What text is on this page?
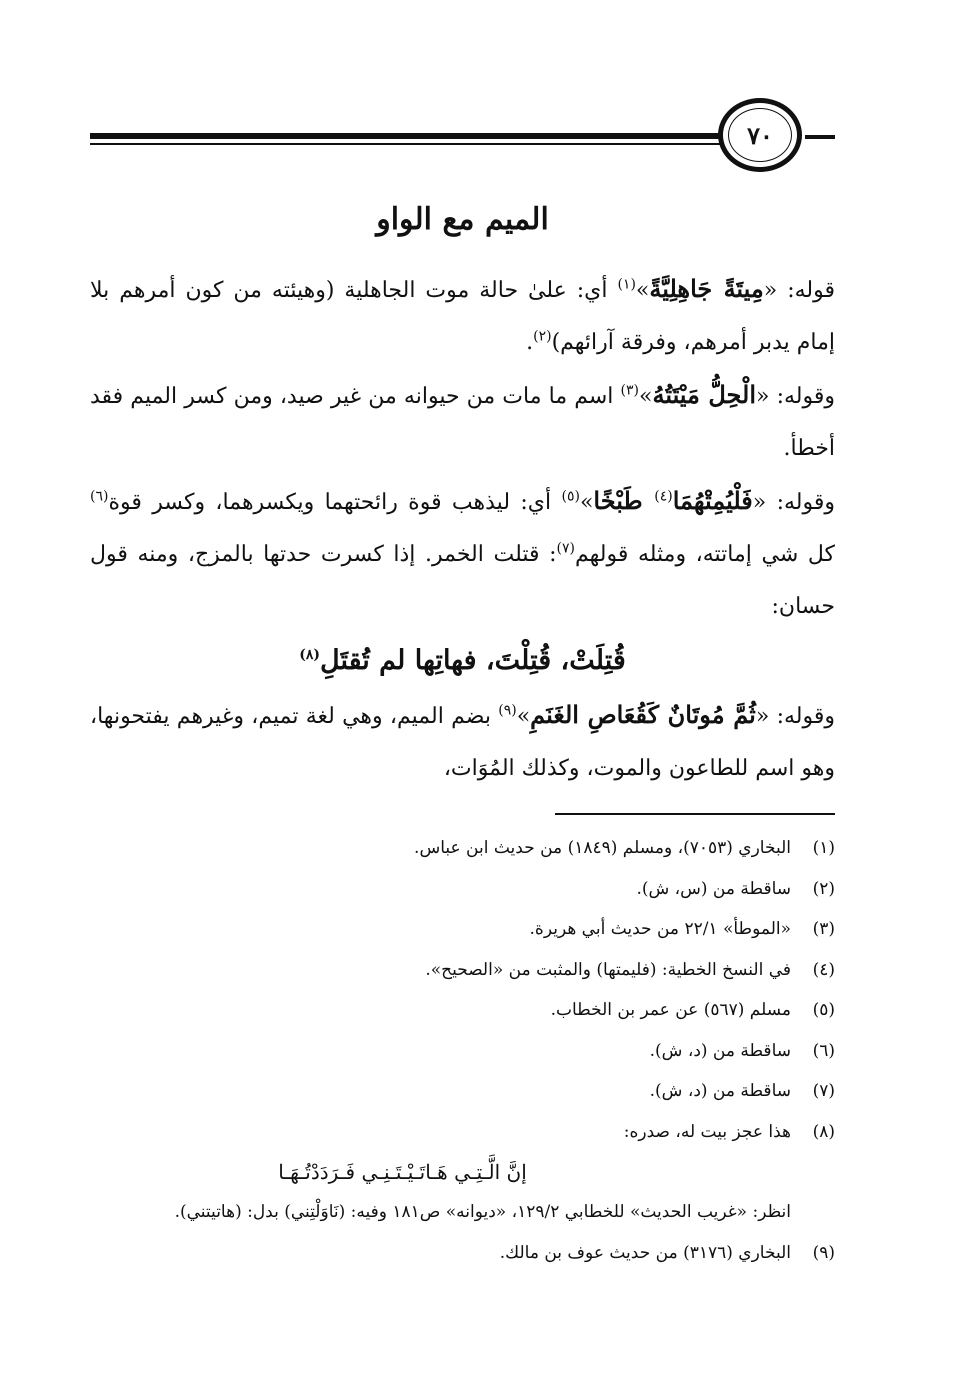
٧٠
الميم مع الواو

قوله: «مِيتَةً جَاهِلِيَّةً»$^{(١)}$ أي: علىٰ حالة موت الجاهلية (وهيئته من كون أمرهم بلا إمام يدبر أمرهم، وفرقة آرائهم)$^{(٢)}$.

وقوله: «الْحِلُّ مَيْتَتُهُ»$^{(٣)}$ اسم ما مات من حيوانه من غير صيد، ومن كسر الميم فقد أخطأ.

وقوله: «فَلْيُمِتْهُمَا$^{(٤)}$ طَبْخًا»$^{(٥)}$ أي: ليذهب قوة رائحتهما ويكسرهما، وكسر قوة$^{(٦)}$ كل شي إماتته، ومثله قولهم$^{(٧)}$: قتلت الخمر. إذا كسرت حدتها بالمزج، ومنه قول حسان:

قُتِلَتْ، قُتِلْتَ، فهاتِها لم تُقتَلِ$^{(٨)}$

وقوله: «ثُمَّ مُوتَانٌ كَقُعَاصِ الغَنَمِ»$^{(٩)}$ بضم الميم، وهي لغة تميم، وغيرهم يفتحونها، وهو اسم للطاعون والموت، وكذلك المُوَات،

(١)
البخاري (٧٠٥٣)، ومسلم (١٨٤٩) من حديث ابن عباس.
(٢)
ساقطة من (س، ش).
(٣)
«الموطأ» ٢٢/١ من حديث أبي هريرة.
(٤)
في النسخ الخطية: (فليمتها) والمثبت من «الصحيح».
(٥)
مسلم (٥٦٧) عن عمر بن الخطاب.
(٦)
ساقطة من (د، ش).
(٧)
ساقطة من (د، ش).
(٨)
هذا عجز بيت له، صدره:
إنَّ الَّـتِـي هَـاتَـيْـتَـنِـي فَـرَدَدْتُـهَـا
انظر: «غريب الحديث» للخطابي ١٢٩/٢، «ديوانه» ص١٨١ وفيه: (نَاوَلْتِني) بدل: (هاتيتني).
(٩)
البخاري (٣١٧٦) من حديث عوف بن مالك.
